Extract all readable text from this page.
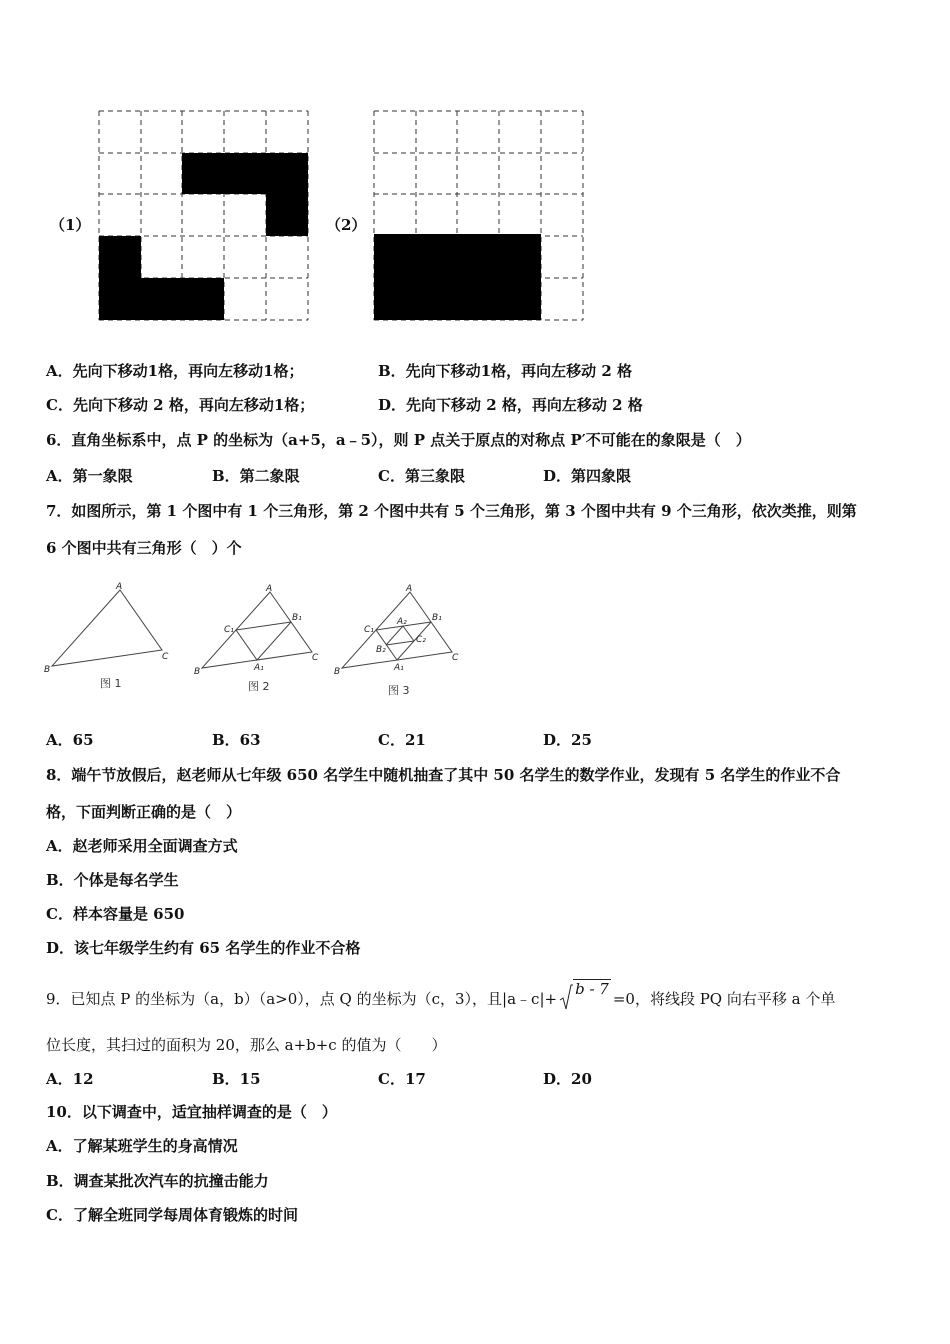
（1）	（2）
A．先向下移动1格，再向左移动1格；	B．先向下移动1格，再向左移动 2 格
C．先向下移动 2 格，再向左移动1格；	D．先向下移动 2 格，再向左移动 2 格
6．直角坐标系中，点 P 的坐标为（a+5，a﹣5），则 P 点关于原点的对称点 P′不可能在的象限是（　）
A．第一象限	B．第二象限	C．第三象限	D．第四象限
7．如图所示，第 1 个图中有 1 个三角形，第 2 个图中共有 5 个三角形，第 3 个图中共有 9 个三角形，依次类推，则第
6 个图中共有三角形（　）个
A
B
C
图 1
A
B
C
B₁
C₁
A₁
图 2
A
B
C
B₁
C₁
A₁
A₂
B₂
C₂
图 3
A．65	B．63	C．21	D．25
8．端午节放假后，赵老师从七年级 650 名学生中随机抽查了其中 50 名学生的数学作业，发现有 5 名学生的作业不合
格，下面判断正确的是（　）
A．赵老师采用全面调查方式
B．个体是每名学生
C．样本容量是 650
D．该七年级学生约有 65 名学生的作业不合格
9．已知点 P 的坐标为（a，b）（a>0），点 Q 的坐标为（c，3），且|a﹣c|+b - 7=0，将线段 PQ 向右平移 a 个单
位长度，其扫过的面积为 20，那么 a+b+c 的值为（　　）
A．12	B．15	C．17	D．20
10．以下调查中，适宜抽样调查的是（　）
A．了解某班学生的身高情况
B．调查某批次汽车的抗撞击能力
C．了解全班同学每周体育锻炼的时间
